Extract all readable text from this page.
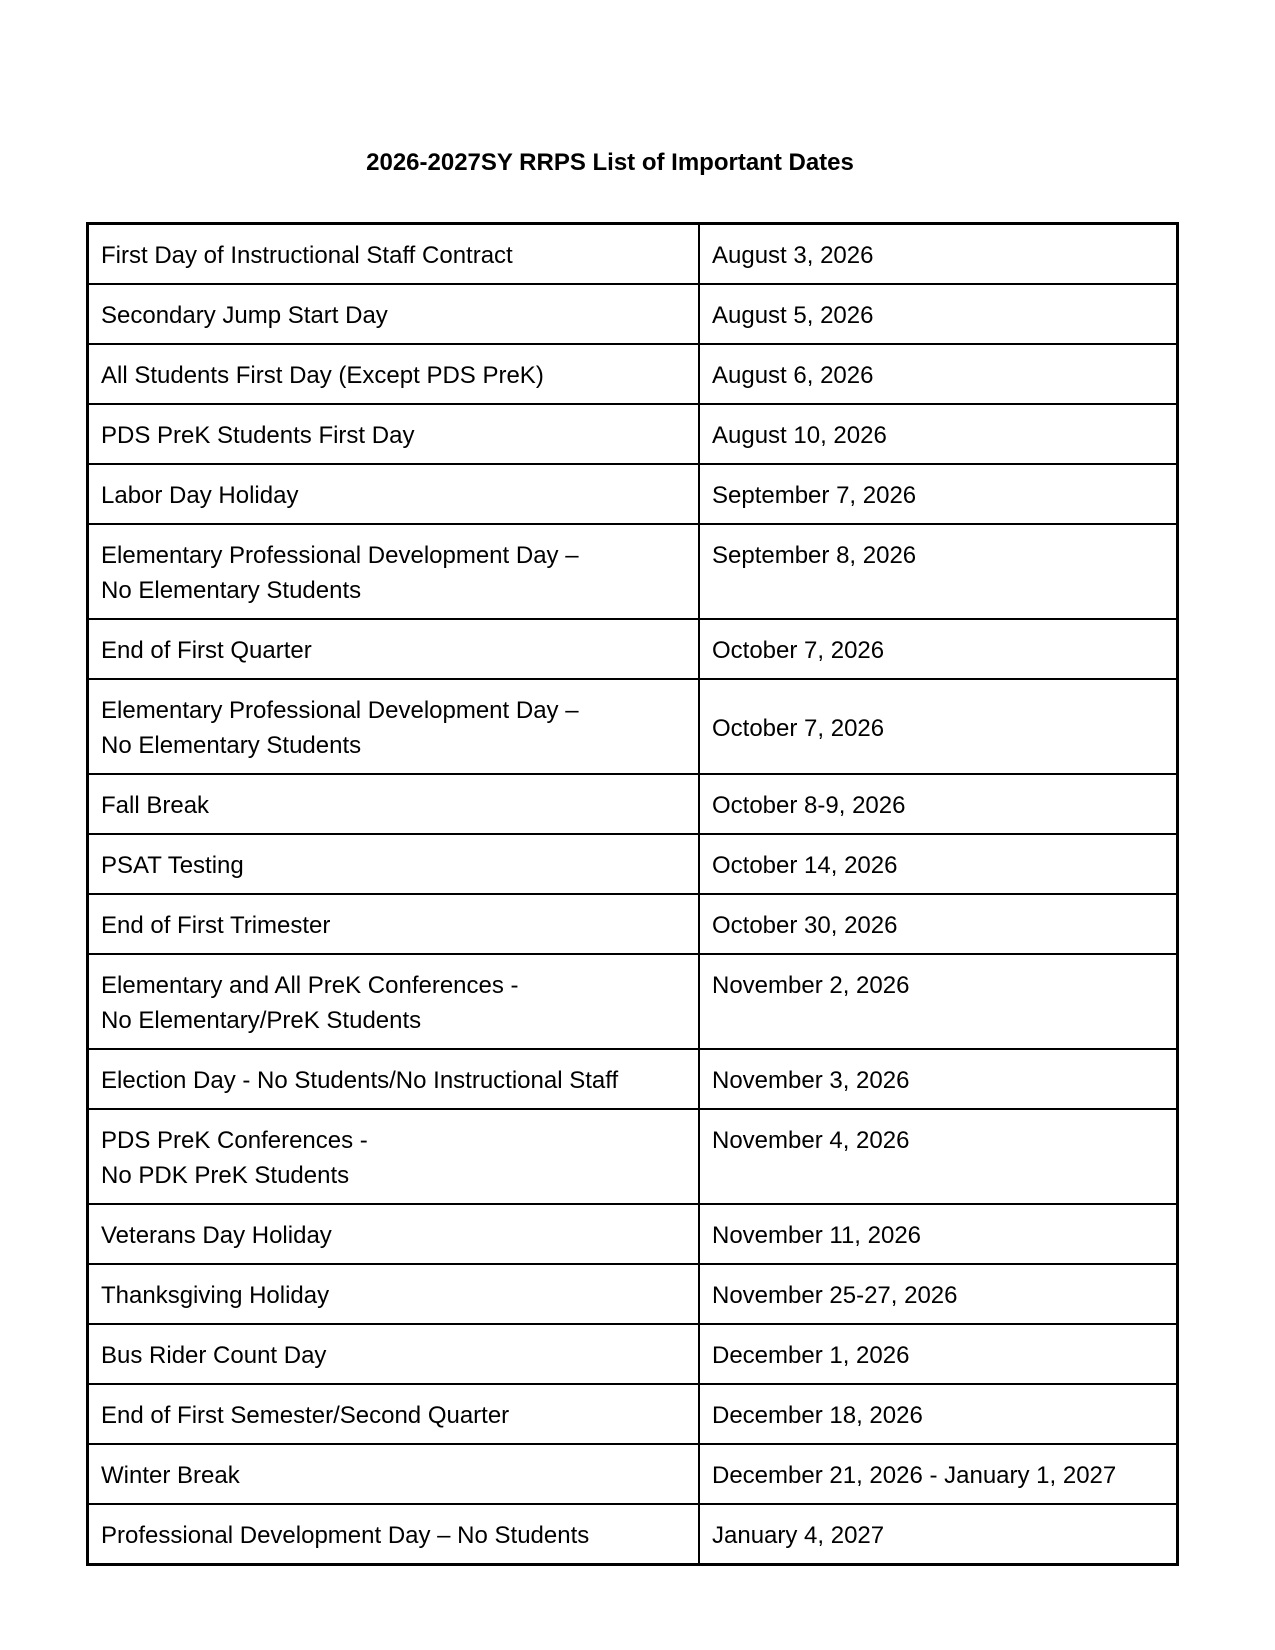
2026-2027SY RRPS List of Important Dates
First Day of Instructional Staff Contract	August 3, 2026

Secondary Jump Start Day	August 5, 2026

All Students First Day (Except PDS PreK)	August 6, 2026

PDS PreK Students First Day	August 10, 2026

Labor Day Holiday	September 7, 2026

Elementary Professional Development Day –
No Elementary Students	September 8, 2026

End of First Quarter	October 7, 2026

Elementary Professional Development Day –
No Elementary Students	October 7, 2026

Fall Break	October 8-9, 2026

PSAT Testing	October 14, 2026

End of First Trimester	October 30, 2026

Elementary and All PreK Conferences -
No Elementary/PreK Students	November 2, 2026

Election Day - No Students/No Instructional Staff	November 3, 2026

PDS PreK Conferences -
No PDK PreK Students	November 4, 2026

Veterans Day Holiday	November 11, 2026

Thanksgiving Holiday	November 25-27, 2026

Bus Rider Count Day	December 1, 2026

End of First Semester/Second Quarter	December 18, 2026

Winter Break	December 21, 2026 - January 1, 2027

Professional Development Day – No Students	January 4, 2027
